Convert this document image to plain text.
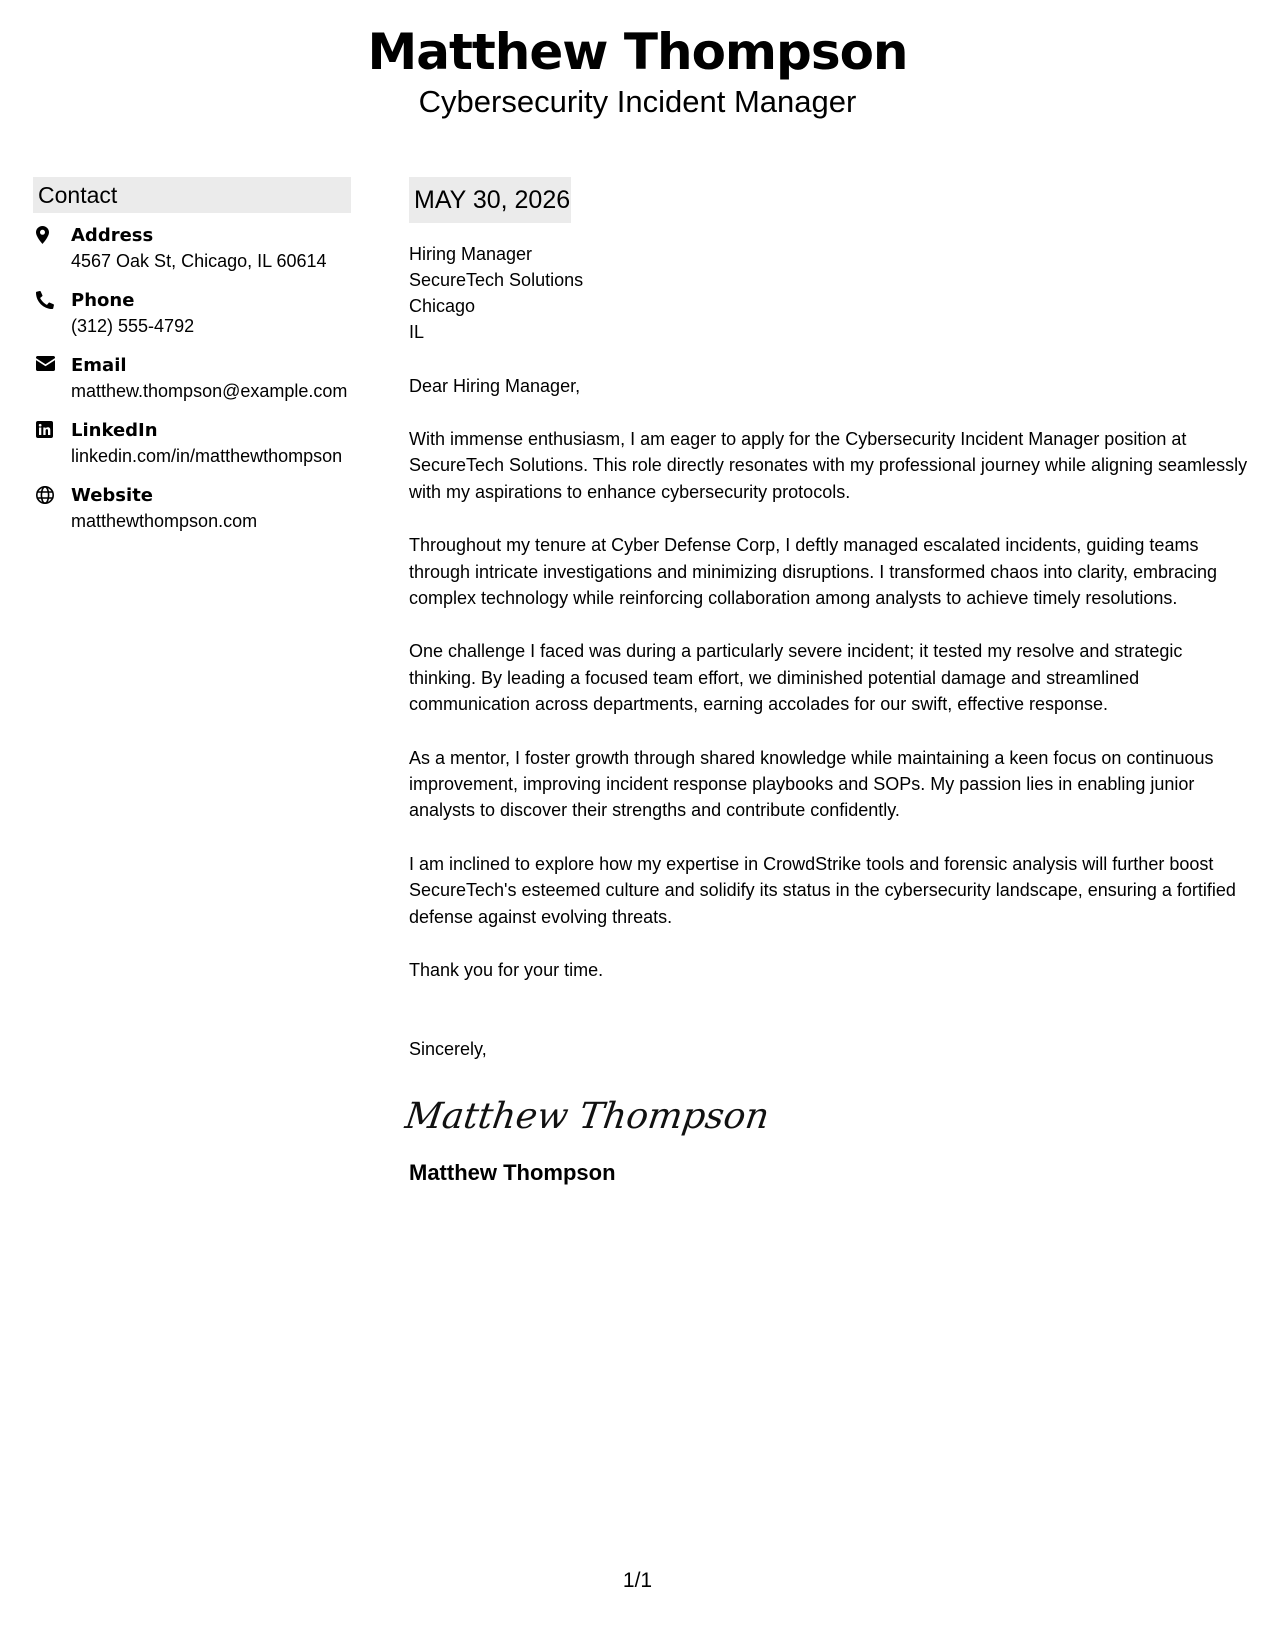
Matthew Thompson
Cybersecurity Incident Manager
Contact
Address
4567 Oak St, Chicago, IL 60614
Phone
(312) 555-4792
Email
matthew.thompson@example.com
LinkedIn
linkedin.com/in/matthewthompson
Website
matthewthompson.com
MAY 30, 2026
Hiring Manager
SecureTech Solutions
Chicago
IL
Dear Hiring Manager,

With immense enthusiasm, I am eager to apply for the Cybersecurity Incident Manager position at SecureTech Solutions. This role directly resonates with my professional journey while aligning seamlessly with my aspirations to enhance cybersecurity protocols.

Throughout my tenure at Cyber Defense Corp, I deftly managed escalated incidents, guiding teams through intricate investigations and minimizing disruptions. I transformed chaos into clarity, embracing complex technology while reinforcing collaboration among analysts to achieve timely resolutions.

One challenge I faced was during a particularly severe incident; it tested my resolve and strategic thinking. By leading a focused team effort, we diminished potential damage and streamlined communication across departments, earning accolades for our swift, effective response.

As a mentor, I foster growth through shared knowledge while maintaining a keen focus on continuous improvement, improving incident response playbooks and SOPs. My passion lies in enabling junior analysts to discover their strengths and contribute confidently.

I am inclined to explore how my expertise in CrowdStrike tools and forensic analysis will further boost SecureTech's esteemed culture and solidify its status in the cybersecurity landscape, ensuring a fortified defense against evolving threats.

Thank you for your time.

Sincerely,
Matthew Thompson
Matthew Thompson
1/1
